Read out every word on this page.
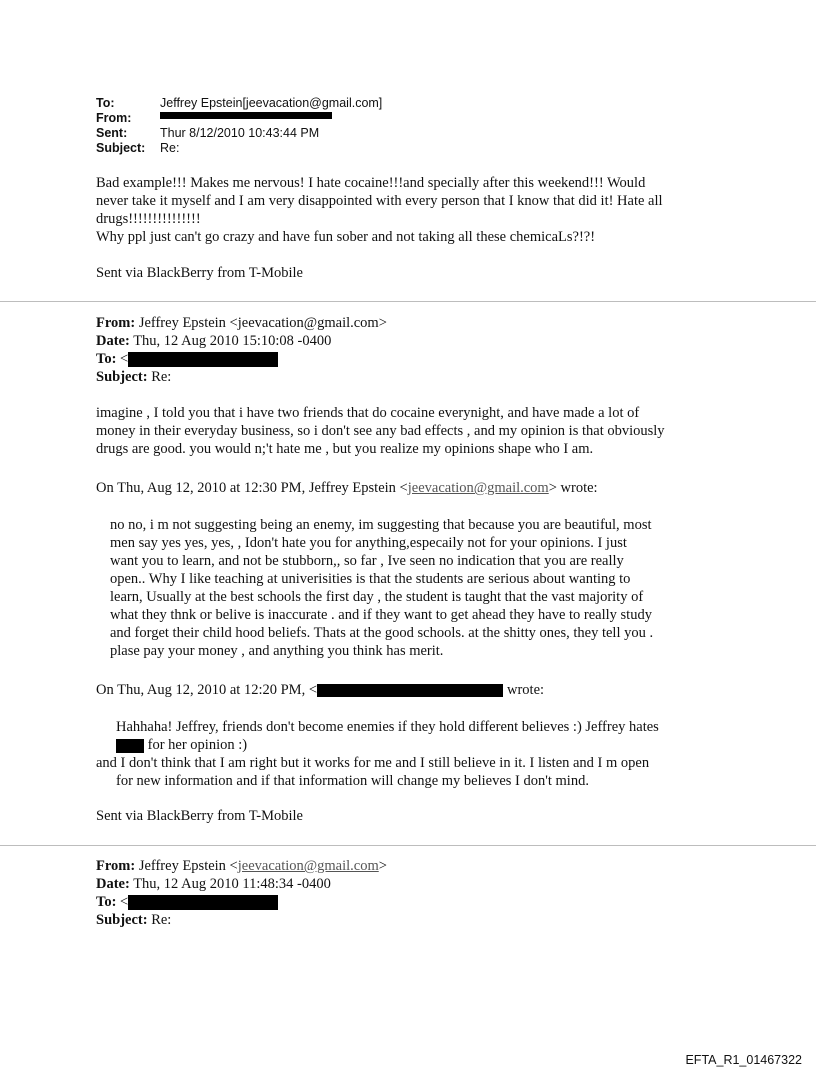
To:	Jeffrey Epstein[jeevacation@gmail.com]
From:
Sent:	Thur 8/12/2010 10:43:44 PM
Subject:	Re:

Bad example!!! Makes me nervous! I hate cocaine!!!and specially after this weekend!!! Would

never take it myself and I am very disappointed with every person that I know that did it! Hate all

drugs!!!!!!!!!!!!!!!

Why ppl just can't go crazy and have fun sober and not taking all these chemicaLs?!?!

Sent via BlackBerry from T-Mobile

From: Jeffrey Epstein <jeevacation@gmail.com>

Date: Thu, 12 Aug 2010 15:10:08 -0400

To: <

Subject: Re:

imagine , I told you that i have two friends that do cocaine everynight, and have made a lot of

money in their everyday business, so i don't see any bad effects , and my opinion is that obviously

drugs are good. you would n;'t hate me , but you realize my opinions shape who I am.

On Thu, Aug 12, 2010 at 12:30 PM, Jeffrey Epstein <jeevacation@gmail.com> wrote:

no no, i m not suggesting being an enemy, im suggesting that because you are beautiful, most

men say yes yes, yes, , Idon't hate you for anything,especaily not for your opinions. I just

want you to learn, and not be stubborn,, so far , Ive seen no indication that you are really

open.. Why I like teaching at univerisities is that the students are serious about wanting to

learn, Usually at the best schools the first day , the student is taught that the vast majority of

what they thnk or belive is inaccurate . and if they want to get ahead they have to really study

and forget their child hood beliefs. Thats at the good schools. at the shitty ones, they tell you .

plase pay your money , and anything you think has merit.

On Thu, Aug 12, 2010 at 12:20 PM, <	wrote:

Hahhaha! Jeffrey, friends don't become enemies if they hold different believes :) Jeffrey hates

for her opinion :)

and I don't think that I am right but it works for me and I still believe in it. I listen and I m open

for new information and if that information will change my believes I don't mind.

Sent via BlackBerry from T-Mobile

From: Jeffrey Epstein <jeevacation@gmail.com>

Date: Thu, 12 Aug 2010 11:48:34 -0400

To: <

Subject: Re:

EFTA_R1_01467322
